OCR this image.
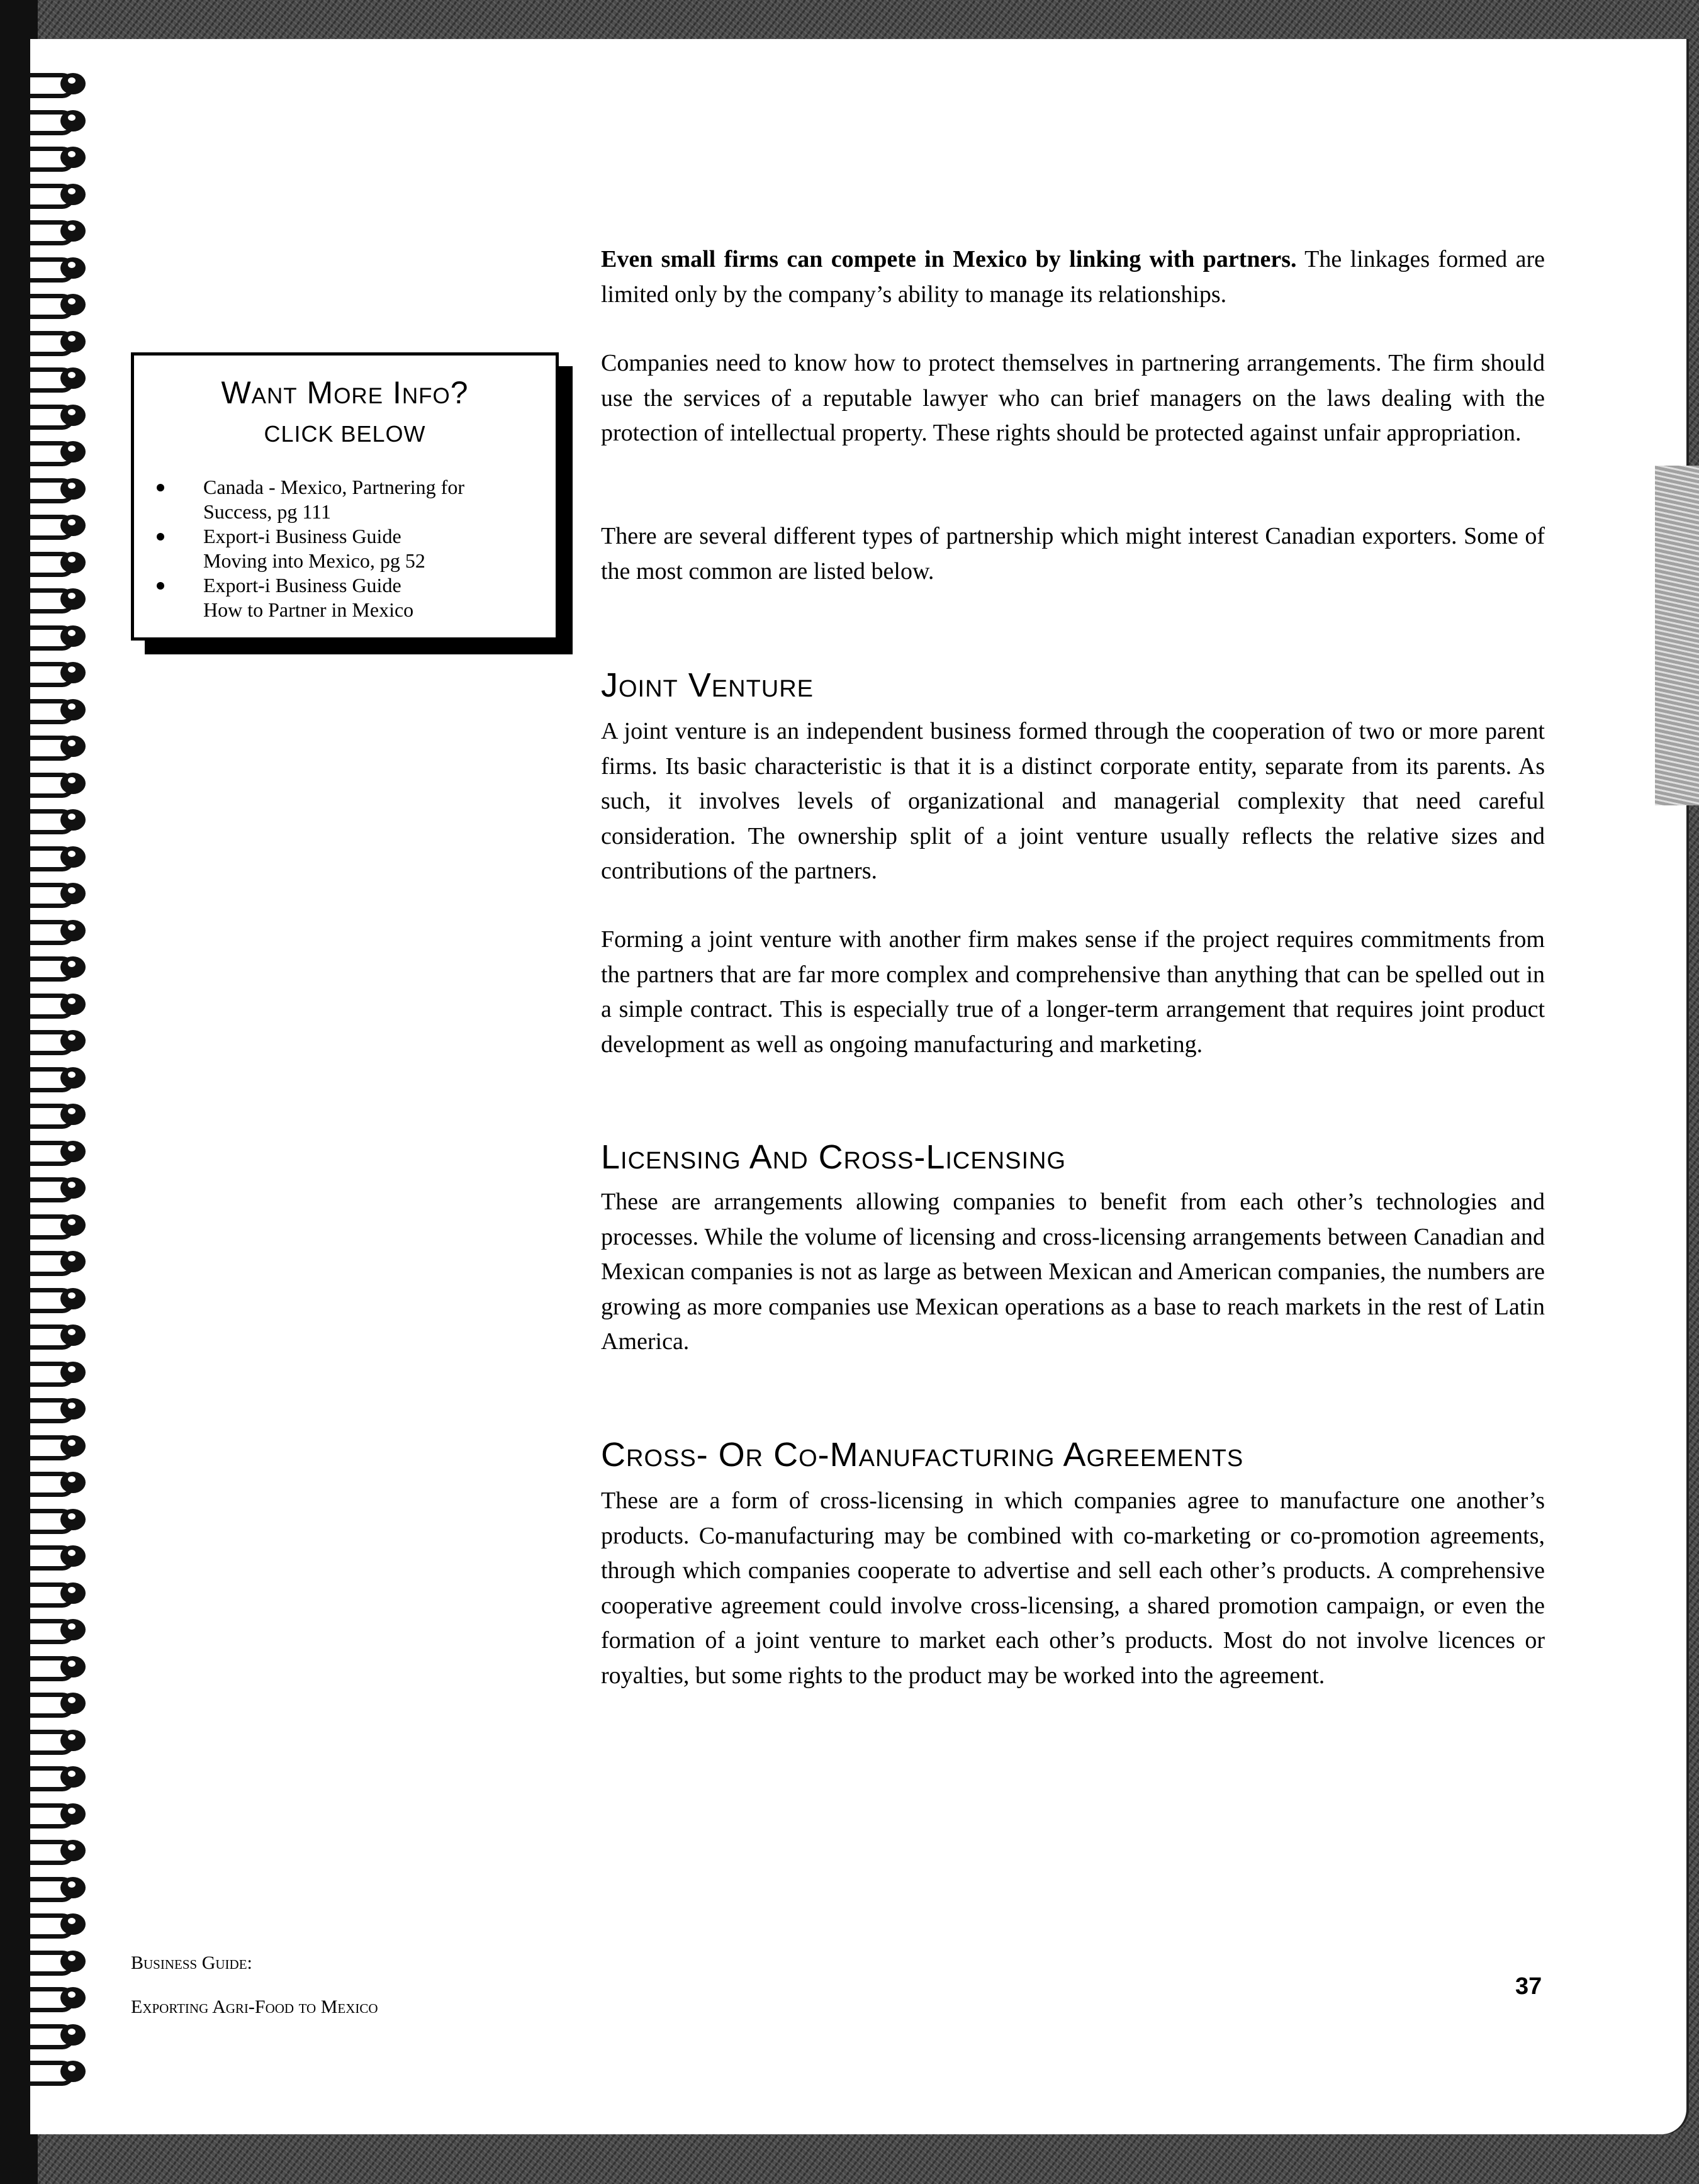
Want More Info?
CLICK BELOW
Canada - Mexico, Partnering for
Success, pg 111
Export-i Business Guide
Moving into Mexico, pg 52
Export-i Business Guide
How to Partner in Mexico

Even small firms can compete in Mexico by linking with partners. The linkages formed are limited only by the company’s ability to manage its relationships.

Companies need to know how to protect themselves in partnering arrangements. The firm should use the services of a reputable lawyer who can brief managers on the laws dealing with the protection of intellectual property. These rights should be protected against unfair appropriation.

There are several different types of partnership which might interest Canadian exporters. Some of the most common are listed below.

Joint Venture

A joint venture is an independent business formed through the cooperation of two or more parent firms. Its basic characteristic is that it is a distinct corporate entity, separate from its parents. As such, it involves levels of organizational and managerial complexity that need careful consideration. The ownership split of a joint venture usually reflects the relative sizes and contributions of the partners.

Forming a joint venture with another firm makes sense if the project requires commitments from the partners that are far more complex and comprehensive than anything that can be spelled out in a simple contract. This is especially true of a longer-term arrangement that requires joint product development as well as ongoing manufacturing and marketing.

Licensing And Cross-Licensing

These are arrangements allowing companies to benefit from each other’s technologies and processes. While the volume of licensing and cross-licensing arrangements between Canadian and Mexican companies is not as large as between Mexican and American companies, the numbers are growing as more companies use Mexican operations as a base to reach markets in the rest of Latin America.

Cross- Or Co-Manufacturing Agreements

These are a form of cross-licensing in which companies agree to manufacture one another’s products. Co-manufacturing may be combined with co-marketing or co-promotion agreements, through which companies cooperate to advertise and sell each other’s products. A comprehensive cooperative agreement could involve cross-licensing, a shared promotion campaign, or even the formation of a joint venture to market each other’s products. Most do not involve licences or royalties, but some rights to the product may be worked into the agreement.

Business Guide:
Exporting Agri-Food to Mexico
37
